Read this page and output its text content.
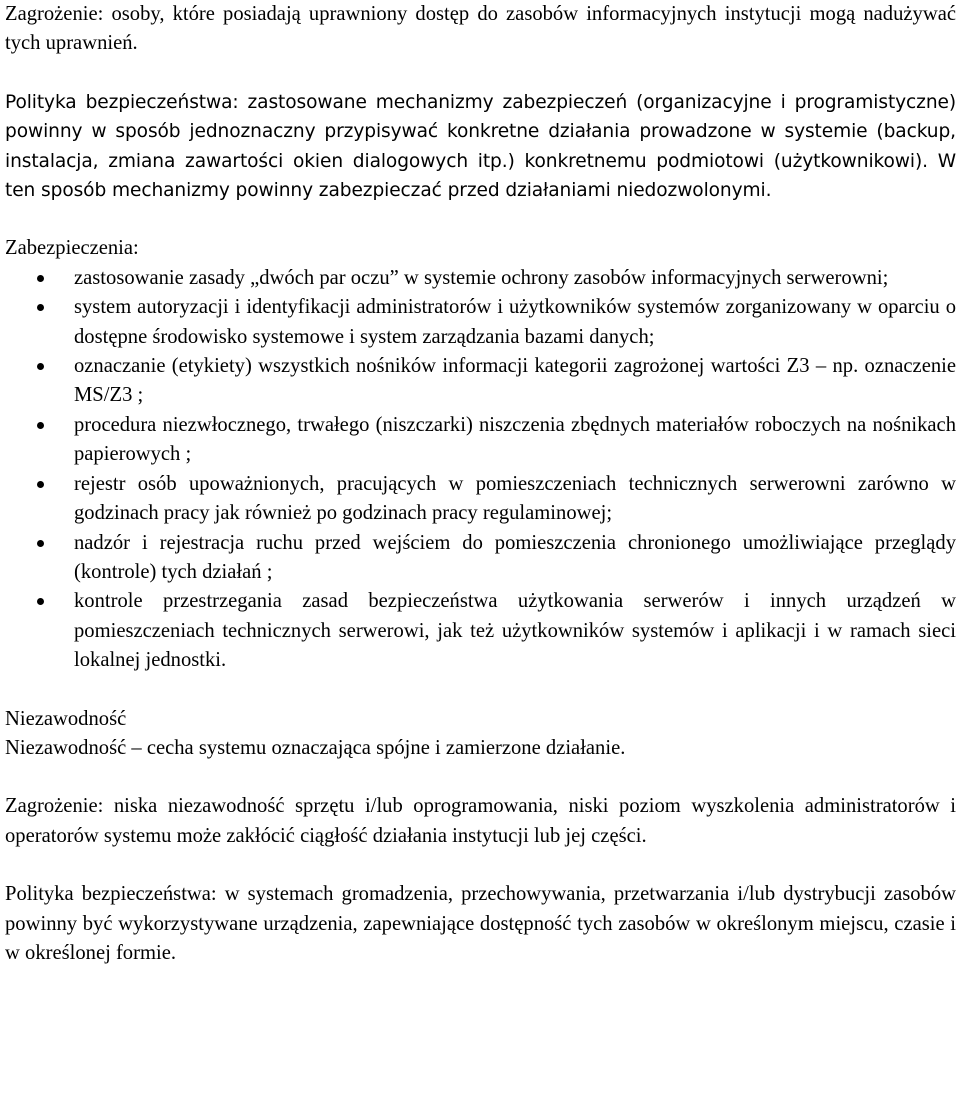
Zagrożenie: osoby, które posiadają uprawniony dostęp do zasobów informacyjnych instytucji mogą nadużywać tych uprawnień.

Polityka bezpieczeństwa: zastosowane mechanizmy zabezpieczeń (organizacyjne i programistyczne) powinny w sposób jednoznaczny przypisywać konkretne działania prowadzone w systemie (backup, instalacja, zmiana zawartości okien dialogowych itp.) konkretnemu podmiotowi (użytkownikowi). W ten sposób mechanizmy powinny zabezpieczać przed działaniami niedozwolonymi.

Zabezpieczenia:

zastosowanie zasady „dwóch par oczu” w systemie ochrony zasobów informacyjnych serwerowni;
system autoryzacji i identyfikacji administratorów i użytkowników systemów zorganizowany w oparciu o dostępne środowisko systemowe i system zarządzania bazami danych;
oznaczanie (etykiety) wszystkich nośników informacji kategorii zagrożonej wartości Z3 – np. oznaczenie MS/Z3 ;
procedura niezwłocznego, trwałego (niszczarki) niszczenia zbędnych materiałów roboczych na nośnikach papierowych ;
rejestr osób upoważnionych, pracujących w pomieszczeniach technicznych serwerowni zarówno w godzinach pracy jak również po godzinach pracy regulaminowej;
nadzór i rejestracja ruchu przed wejściem do pomieszczenia chronionego umożliwiające przeglądy (kontrole) tych działań ;
kontrole przestrzegania zasad bezpieczeństwa użytkowania serwerów i innych urządzeń w pomieszczeniach technicznych serwerowi, jak też użytkowników systemów i aplikacji i w ramach sieci lokalnej jednostki.

Niezawodność

Niezawodność – cecha systemu oznaczająca spójne i zamierzone działanie.

Zagrożenie: niska niezawodność sprzętu i/lub oprogramowania, niski poziom wyszkolenia administratorów i operatorów systemu może zakłócić ciągłość działania instytucji lub jej części.

Polityka bezpieczeństwa: w systemach gromadzenia, przechowywania, przetwarzania i/lub dystrybucji zasobów powinny być wykorzystywane urządzenia, zapewniające dostępność tych zasobów w określonym miejscu, czasie i w określonej formie.
